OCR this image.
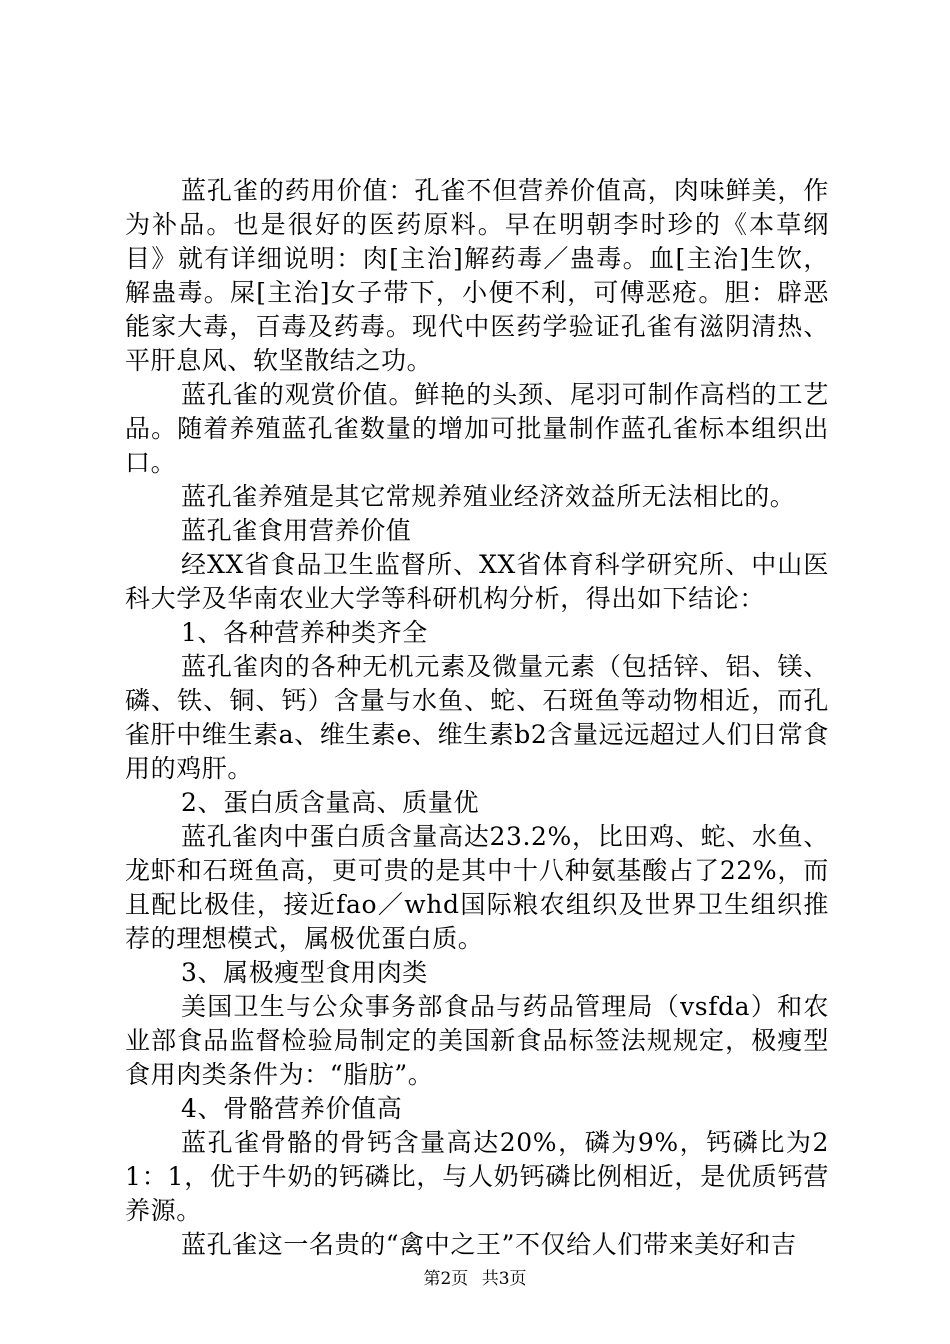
蓝孔雀的药用价值：孔雀不但营养价值高，肉味鲜美，作为补品。也是很好的医药原料。早在明朝李时珍的《本草纲目》就有详细说明：肉[主治]解药毒／蛊毒。血[主治]生饮，解蛊毒。屎[主治]女子带下，小便不利，可傅恶疮。胆：辟恶能家大毒，百毒及药毒。现代中医药学验证孔雀有滋阴清热、平肝息风、软坚散结之功。

蓝孔雀的观赏价值。鲜艳的头颈、尾羽可制作高档的工艺品。随着养殖蓝孔雀数量的增加可批量制作蓝孔雀标本组织出口。

蓝孔雀养殖是其它常规养殖业经济效益所无法相比的。

蓝孔雀食用营养价值

经XX省食品卫生监督所、XX省体育科学研究所、中山医科大学及华南农业大学等科研机构分析，得出如下结论：

1、各种营养种类齐全

蓝孔雀肉的各种无机元素及微量元素（包括锌、铝、镁、磷、铁、铜、钙）含量与水鱼、蛇、石斑鱼等动物相近，而孔雀肝中维生素a、维生素e、维生素b2含量远远超过人们日常食用的鸡肝。

2、蛋白质含量高、质量优

蓝孔雀肉中蛋白质含量高达23.2%，比田鸡、蛇、水鱼、龙虾和石斑鱼高，更可贵的是其中十八种氨基酸占了22%，而且配比极佳，接近fao／whd国际粮农组织及世界卫生组织推荐的理想模式，属极优蛋白质。

3、属极瘦型食用肉类

美国卫生与公众事务部食品与药品管理局（vsfda）和农业部食品监督检验局制定的美国新食品标签法规规定，极瘦型食用肉类条件为：“脂肪”。

4、骨骼营养价值高

蓝孔雀骨骼的骨钙含量高达20%，磷为9%，钙磷比为21：1，优于牛奶的钙磷比，与人奶钙磷比例相近，是优质钙营养源。

蓝孔雀这一名贵的“禽中之王”不仅给人们带来美好和吉

第2页 共3页
